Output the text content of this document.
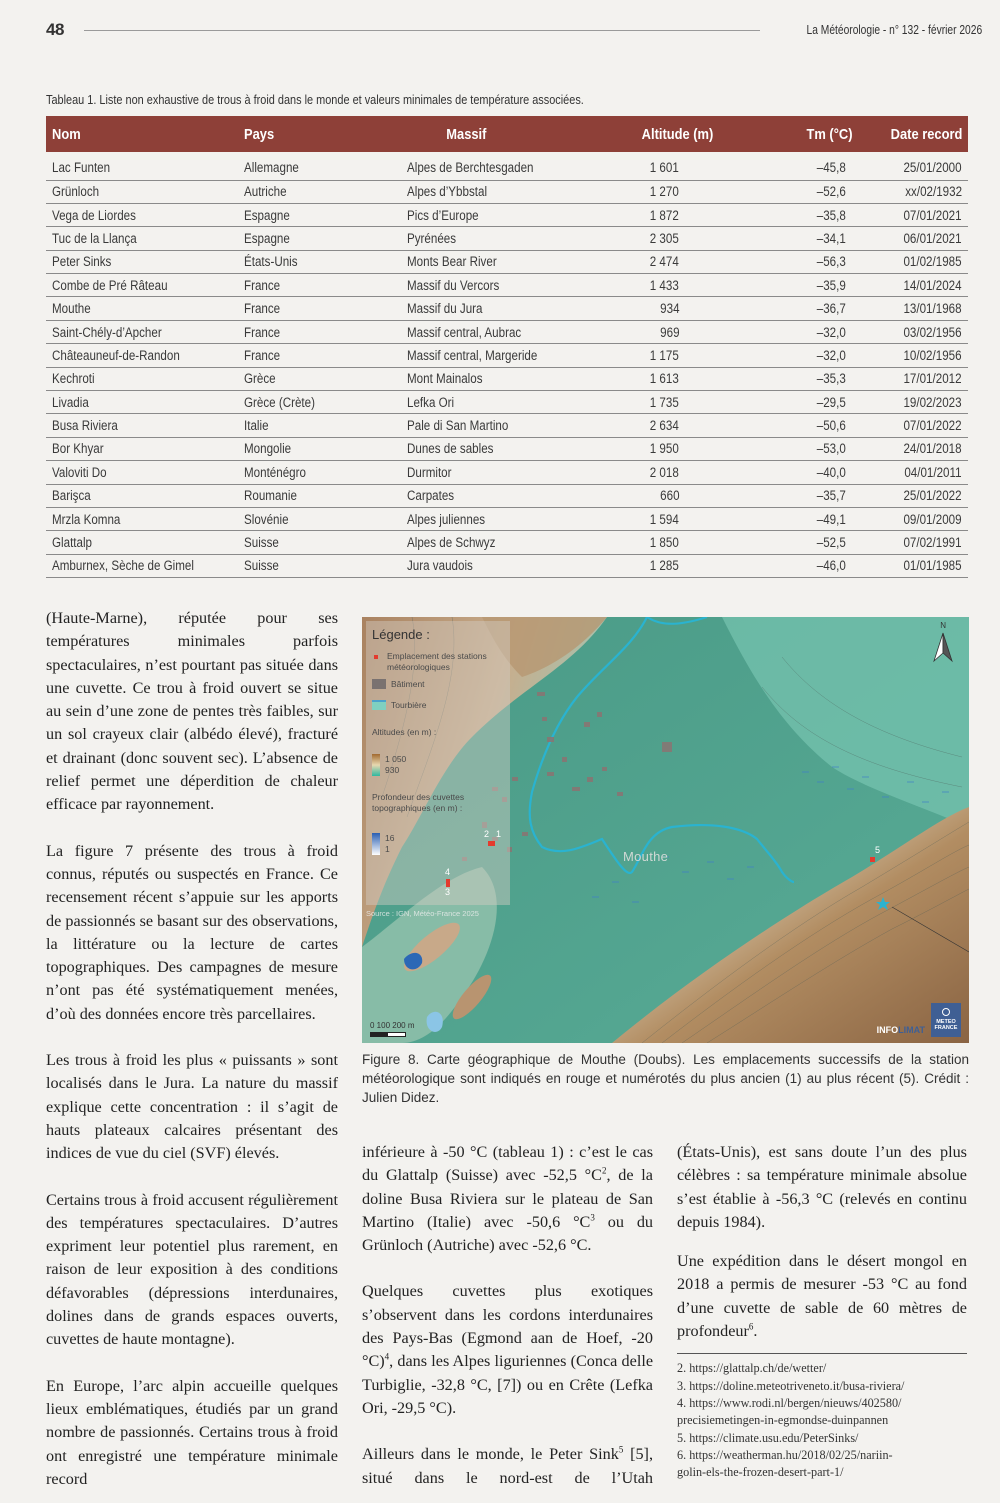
48	La Météorologie - n° 132 - février 2026
Tableau 1. Liste non exhaustive de trous à froid dans le monde et valeurs minimales de température associées.
Nom	Pays	Massif	Altitude (m)	Tm (°C)	Date record
Lac Funten	Allemagne	Alpes de Berchtesgaden	1 601	–45,8	25/01/2000
Grünloch	Autriche	Alpes d’Ybbstal	1 270	–52,6	xx/02/1932
Vega de Liordes	Espagne	Pics d’Europe	1 872	–35,8	07/01/2021
Tuc de la Llança	Espagne	Pyrénées	2 305	–34,1	06/01/2021
Peter Sinks	États-Unis	Monts Bear River	2 474	–56,3	01/02/1985
Combe de Pré Râteau	France	Massif du Vercors	1 433	–35,9	14/01/2024
Mouthe	France	Massif du Jura	934	–36,7	13/01/1968
Saint-Chély-d’Apcher	France	Massif central, Aubrac	969	–32,0	03/02/1956
Châteauneuf-de-Randon	France	Massif central, Margeride	1 175	–32,0	10/02/1956
Kechroti	Grèce	Mont Mainalos	1 613	–35,3	17/01/2012
Livadia	Grèce (Crète)	Lefka Ori	1 735	–29,5	19/02/2023
Busa Riviera	Italie	Pale di San Martino	2 634	–50,6	07/01/2022
Bor Khyar	Mongolie	Dunes de sables	1 950	–53,0	24/01/2018
Valoviti Do	Monténégro	Durmitor	2 018	–40,0	04/01/2011
Barişca	Roumanie	Carpates	660	–35,7	25/01/2022
Mrzla Komna	Slovénie	Alpes juliennes	1 594	–49,1	09/01/2009
Glattalp	Suisse	Alpes de Schwyz	1 850	–52,5	07/02/1991
Amburnex, Sèche de Gimel	Suisse	Jura vaudois	1 285	–46,0	01/01/1985

(Haute-Marne), réputée pour ses températures minimales parfois spectaculaires, n’est pourtant pas située dans une cuvette. Ce trou à froid ouvert se situe au sein d’une zone de pentes très faibles, sur un sol crayeux clair (albédo élevé), fracturé et drainant (donc souvent sec). L’absence de relief permet une déperdition de chaleur efficace par rayonnement.

La figure 7 présente des trous à froid connus, réputés ou suspectés en France. Ce recensement récent s’appuie sur les apports de passionnés se basant sur des observations, la littérature ou la lecture de cartes topographiques. Des campagnes de mesure n’ont pas été systématiquement menées, d’où des données encore très parcellaires.

Les trous à froid les plus « puissants » sont localisés dans le Jura. La nature du massif explique cette concentration : il s’agit de hauts plateaux calcaires présentant des indices de vue du ciel (SVF) élevés.

Certains trous à froid accusent régulièrement des températures spectaculaires. D’autres expriment leur potentiel plus rarement, en raison de leur exposition à des conditions défavorables (dépressions interdunaires, dolines dans de grands espaces ouverts, cuvettes de haute montagne).

En Europe, l’arc alpin accueille quelques lieux emblématiques, étudiés par un grand nombre de passionnés. Certains trous à froid ont enregistré une température minimale record

Légende :
Emplacement des stations météorologiques
Bâtiment
Tourbière
Altitudes (en m) :
1 050
930
Profondeur des cuvettes topographiques (en m) :
16
1
Source : IGN, Météo-France 2025
N
Mouthe
2 1
4
3
5
0 100 200 m	INFOLIMAT
METEO FRANCE
Figure 8. Carte géographique de Mouthe (Doubs). Les emplacements successifs de la station météorologique sont indiqués en rouge et numérotés du plus ancien (1) au plus récent (5). Crédit : Julien Didez.

inférieure à -50 °C (tableau 1) : c’est le cas du Glattalp (Suisse) avec -52,5 $^\circ C^2$, de la doline Busa Riviera sur le plateau de San Martino (Italie) avec -50,6 $^\circ C^3$ ou du Grünloch (Autriche) avec -52,6 °C.

Quelques cuvettes plus exotiques s’observent dans les cordons interdunaires des Pays-Bas (Egmond aan de Hoef, -20 °C)$^4$, dans les Alpes liguriennes (Conca delle Turbiglie, -32,8 °C, [7]) ou en Crête (Lefka Ori, -29,5 °C).

Ailleurs dans le monde, le Peter Sink$^5$ [5], situé dans le nord-est de l’Utah

(États-Unis), est sans doute l’un des plus célèbres : sa température minimale absolue s’est établie à -56,3 °C (relevés en continu depuis 1984).

Une expédition dans le désert mongol en 2018 a permis de mesurer -53 °C au fond d’une cuvette de sable de 60 mètres de profondeur$^6$.

2. https://glattalp.ch/de/wetter/
3. https://doline.meteotriveneto.it/busa-riviera/
4. https://www.rodi.nl/bergen/nieuws/402580/
precisiemetingen-in-egmondse-duinpannen
5. https://climate.usu.edu/PeterSinks/
6. https://weatherman.hu/2018/02/25/nariin-
golin-els-the-frozen-desert-part-1/
